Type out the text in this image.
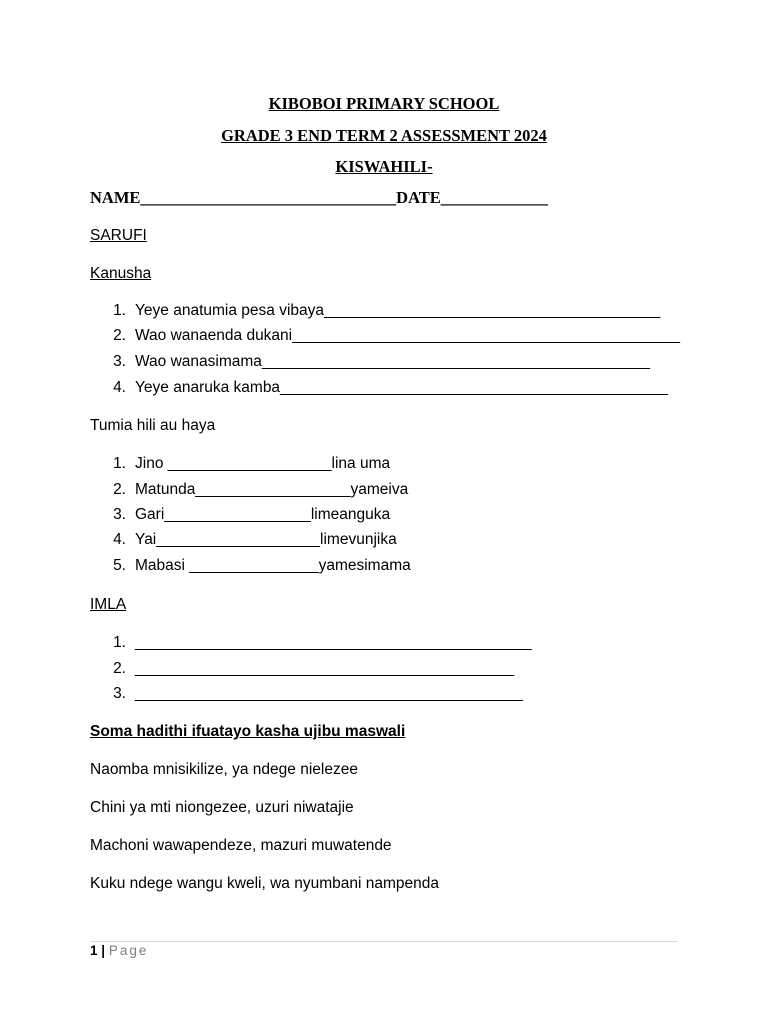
KIBOBOI PRIMARY SCHOOL
GRADE 3 END TERM 2 ASSESSMENT 2024
KISWAHILI-
NAME_______________________________DATE_____________
SARUFI
Kanusha
1. Yeye anatumia pesa vibaya_______________________________________
2. Wao wanaenda dukani_____________________________________________
3. Wao wanasimama_____________________________________________
4. Yeye anaruka kamba_____________________________________________
Tumia hili au haya
1. Jino ___________________lina uma
2. Matunda__________________yameiva
3. Gari_________________limeanguka
4. Yai___________________limevunjika
5. Mabasi _______________yamesimama
IMLA
1. ______________________________________________
2. ____________________________________________
3. _____________________________________________
Soma hadithi ifuatayo kasha ujibu maswali
Naomba mnisikilize, ya ndege nielezee
Chini ya mti niongezee, uzuri niwatajie
Machoni wawapendeze, mazuri muwatende
Kuku ndege wangu kweli, wa nyumbani nampenda
1 | Page
